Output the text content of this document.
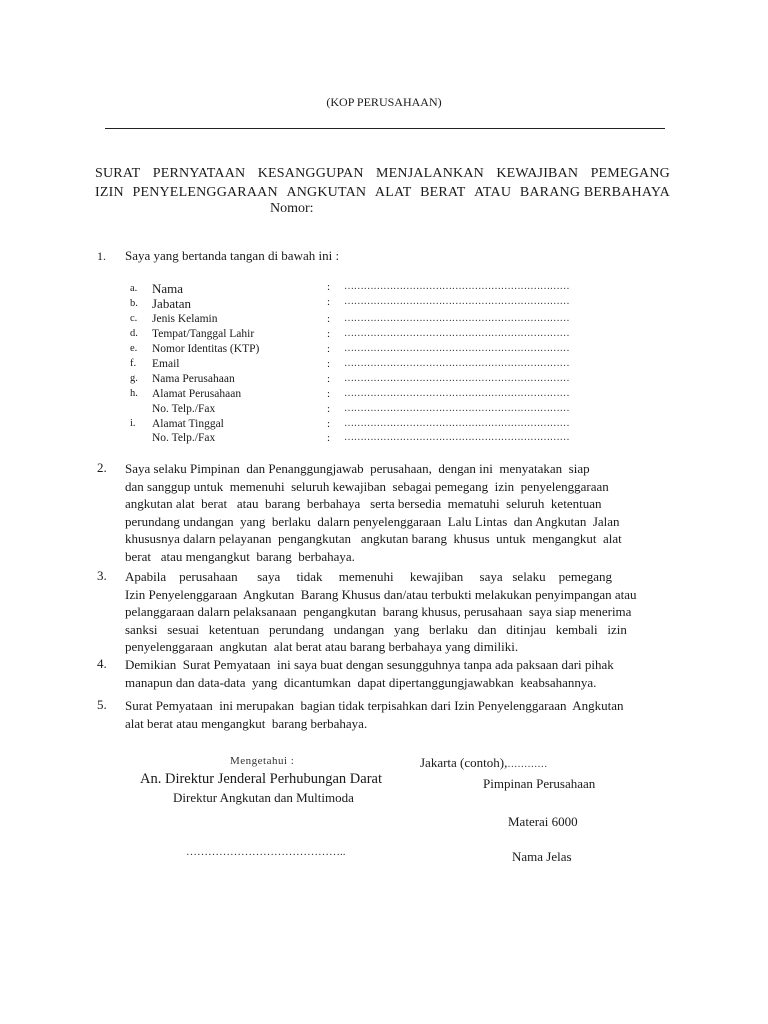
(KOP PERUSAHAAN)
SURAT PERNYATAAN KESANGGUPAN MENJALANKAN KEWAJIBAN PEMEGANG
IZIN PENYELENGGARAAN ANGKUTAN ALAT BERAT ATAU BARANG BERBAHAYA
Nomor:
1. Saya yang bertanda tangan di bawah ini :
a. Nama	: ……………………………………………………………
b. Jabatan	: ……………………………………………………………
c. Jenis Kelamin	: ……………………………………………………………
d. Tempat/Tanggal Lahir	: ……………………………………………………………
e. Nomor Identitas (KTP)	: ……………………………………………………………
f. Email	: ……………………………………………………………
g. Nama Perusahaan	: ……………………………………………………………
h. Alamat Perusahaan	: ……………………………………………………………
No. Telp./Fax	: ……………………………………………………………
i. Alamat Tinggal	: ……………………………………………………………
No. Telp./Fax	: ……………………………………………………………
2. Saya selaku Pimpinan  dan Penanggungjawab  perusahaan,  dengan ini  menyatakan  siap
dan sanggup untuk  memenuhi  seluruh kewajiban  sebagai pemegang  izin  penyelenggaraan
angkutan alat  berat   atau  barang  berbahaya   serta bersedia  mematuhi  seluruh  ketentuan
perundang undangan  yang  berlaku  dalarn penyelenggaraan  Lalu Lintas  dan Angkutan  Jalan
khususnya dalarn pelayanan  pengangkutan   angkutan barang  khusus  untuk  mengangkut  alat
berat   atau mengangkut  barang  berbahaya.
3. Apabila    perusahaan      saya     tidak     memenuhi     kewajiban     saya   selaku    pemegang
Izin Penyelenggaraan  Angkutan  Barang Khusus dan/atau terbukti melakukan penyimpangan atau
pelanggaraan dalarn pelaksanaan  pengangkutan  barang khusus, perusahaan  saya siap menerima
sanksi   sesuai   ketentuan   perundang   undangan   yang   berlaku   dan   ditinjau   kembali   izin
penyelenggaraan  angkutan  alat berat atau barang berbahaya yang dimiliki.
4. Demikian  Surat Pemyataan  ini saya buat dengan sesungguhnya tanpa ada paksaan dari pihak
manapun dan data-data  yang  dicantumkan  dapat dipertanggungjawabkan  keabsahannya.
5. Surat Pemyataan  ini merupakan  bagian tidak terpisahkan dari Izin Penyelenggaraan  Angkutan
alat berat atau mengangkut  barang berbahaya.
Mengetahui :
An. Direktur Jenderal Perhubungan Darat
Direktur Angkutan dan Multimoda
……………………………………..
Jakarta (contoh),…………
Pimpinan Perusahaan
Materai 6000
Nama Jelas
